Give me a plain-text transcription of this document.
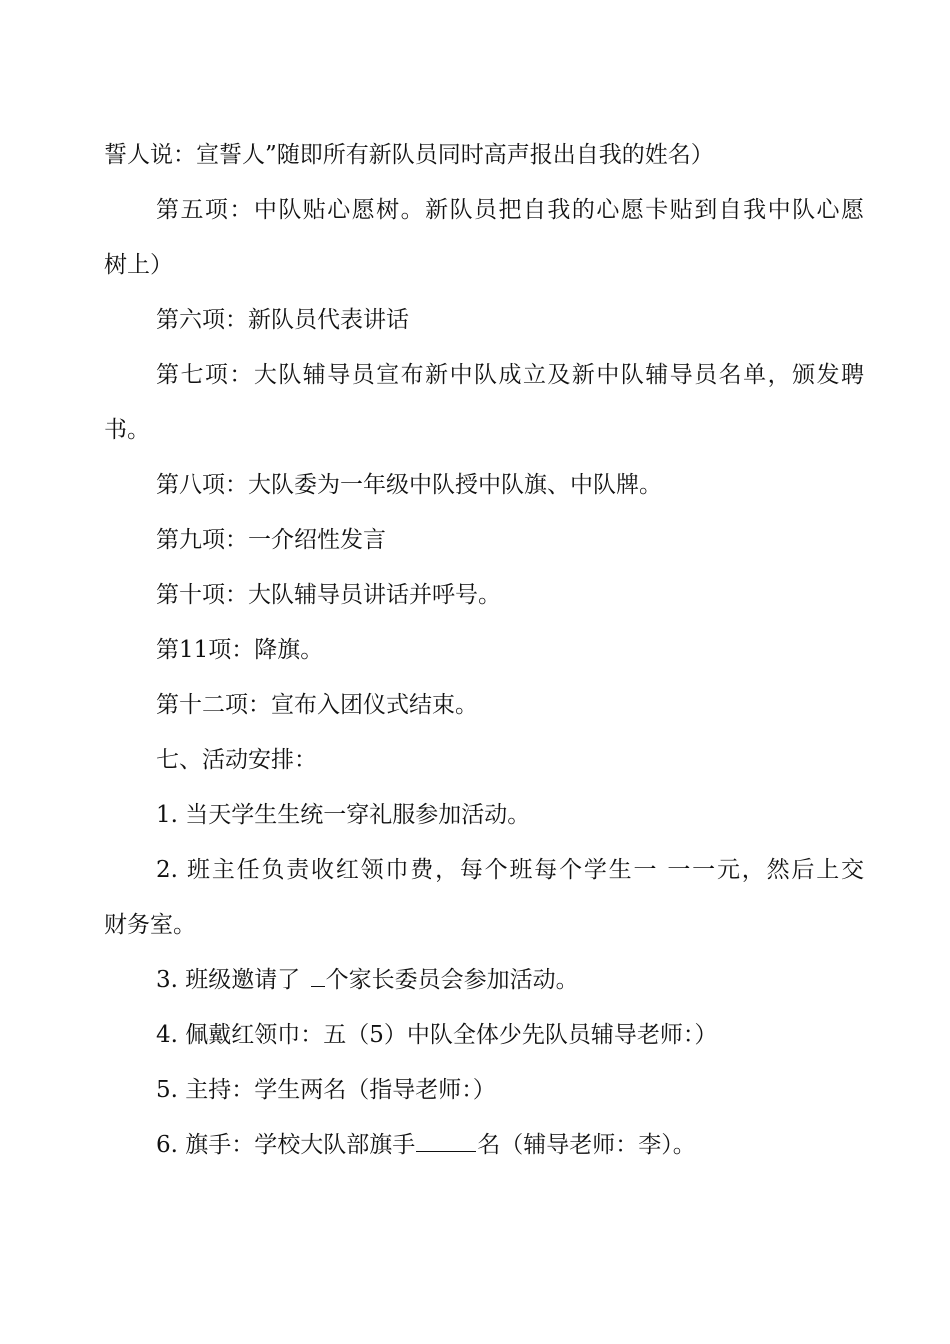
誓人说：宣誓人”随即所有新队员同时高声报出自我的姓名）
第五项：中队贴心愿树。新队员把自我的心愿卡贴到自我中队心愿
树上）
第六项：新队员代表讲话
第七项：大队辅导员宣布新中队成立及新中队辅导员名单，颁发聘
书。
第八项：大队委为一年级中队授中队旗、中队牌。
第九项：一介绍性发言
第十项：大队辅导员讲话并呼号。
第11项：降旗。
第十二项：宣布入团仪式结束。
七、活动安排：
1. 当天学生生统一穿礼服参加活动。
2. 班主任负责收红领巾费，每个班每个学生一 一一元，然后上交
财务室。
3. 班级邀请了 个家长委员会参加活动。
4. 佩戴红领巾：五（5）中队全体少先队员辅导老师：）
5. 主持：学生两名（指导老师：）
6. 旗手：学校大队部旗手	名（辅导老师：李）。
